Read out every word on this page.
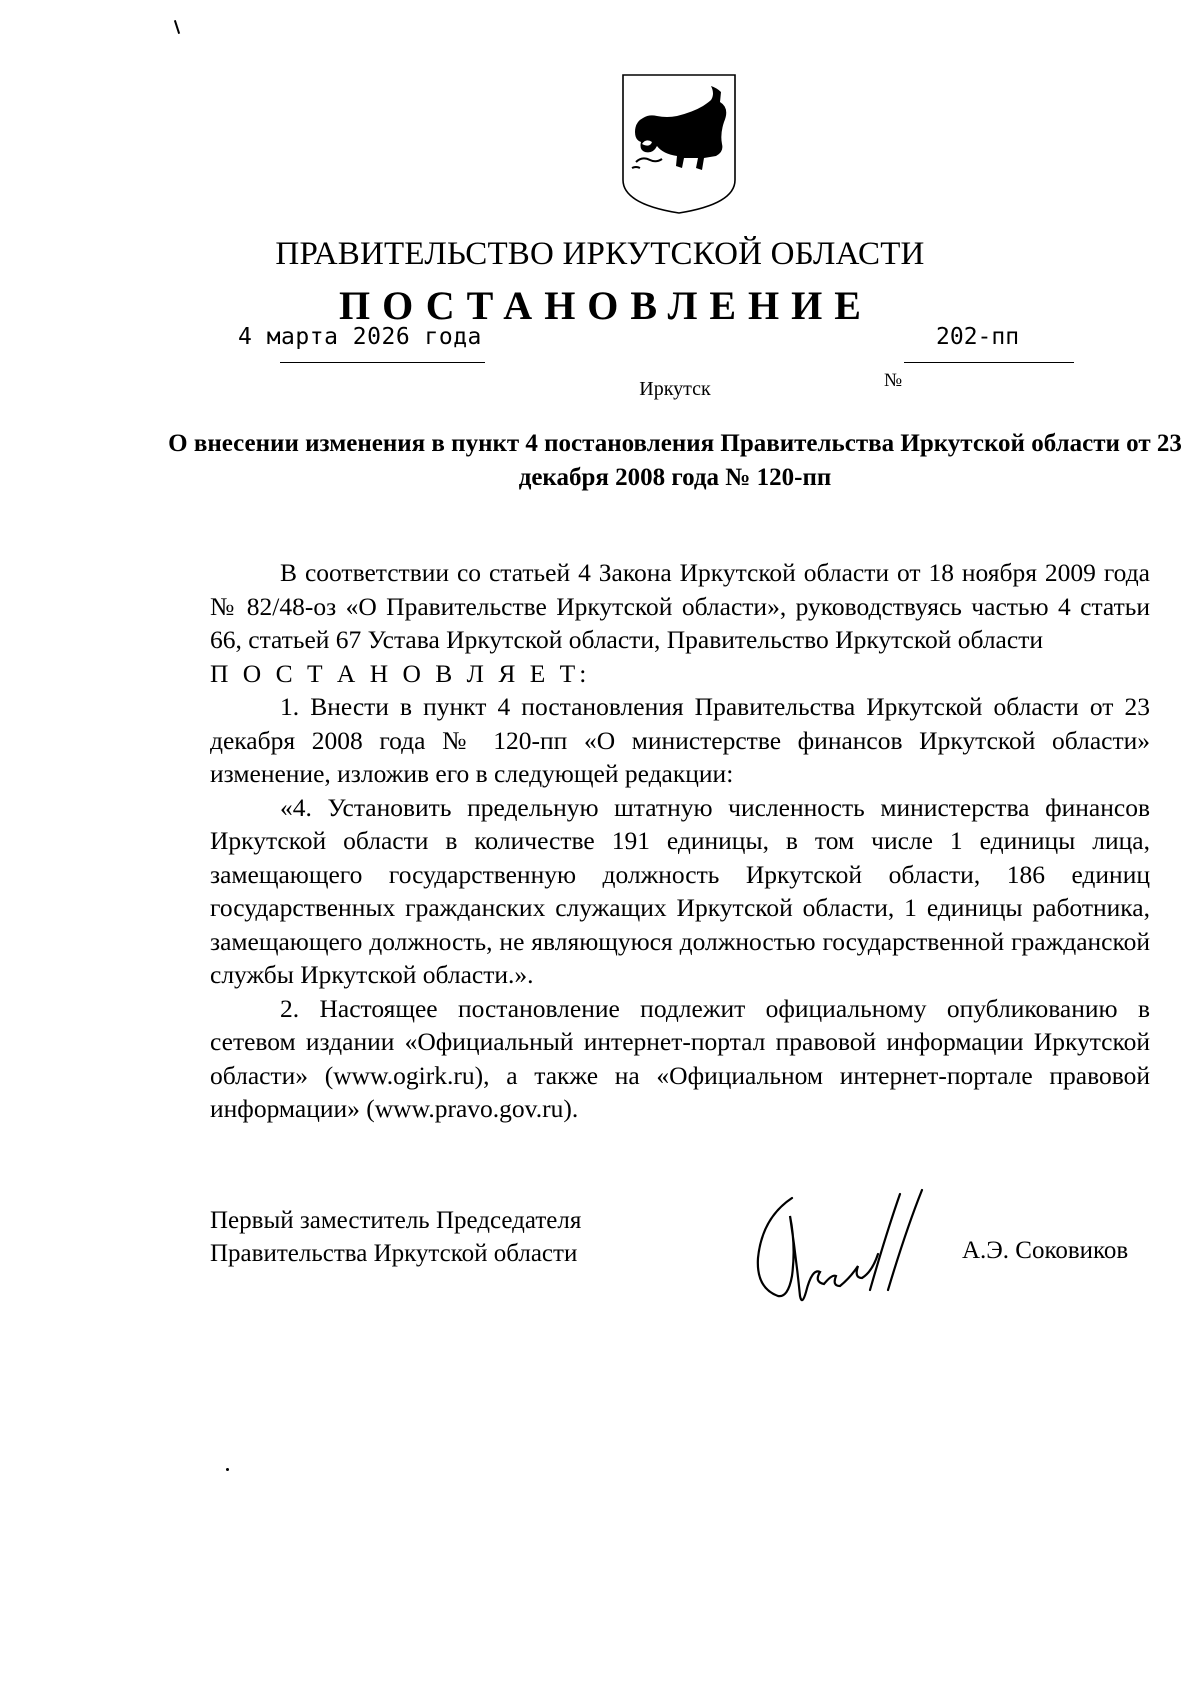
ПРАВИТЕЛЬСТВО ИРКУТСКОЙ ОБЛАСТИ
ПОСТАНОВЛЕНИЕ
4 марта 2026 года
№
202-пп
Иркутск
О внесении изменения в пункт 4 постановления Правительства Иркутской области от 23 декабря 2008 года № 120-пп

В соответствии со статьей 4 Закона Иркутской области от 18 ноября 2009 года № 82/48-оз «О Правительстве Иркутской области», руководствуясь частью 4 статьи 66, статьей 67 Устава Иркутской области, Правительство Иркутской области

П О С Т А Н О В Л Я Е Т:

1. Внести в пункт 4 постановления Правительства Иркутской области от 23 декабря 2008 года № 120-пп «О министерстве финансов Иркутской области» изменение, изложив его в следующей редакции:

«4. Установить предельную штатную численность министерства финансов Иркутской области в количестве 191 единицы, в том числе 1 единицы лица, замещающего государственную должность Иркутской области, 186 единиц государственных гражданских служащих Иркутской области, 1 единицы работника, замещающего должность, не являющуюся должностью государственной гражданской службы Иркутской области.».

2. Настоящее постановление подлежит официальному опубликованию в сетевом издании «Официальный интернет-портал правовой информации Иркутской области» (www.ogirk.ru), а также на «Официальном интернет-портале правовой информации» (www.pravo.gov.ru).

Первый заместитель Председателя
Правительства Иркутской области	А.Э. Соковиков
